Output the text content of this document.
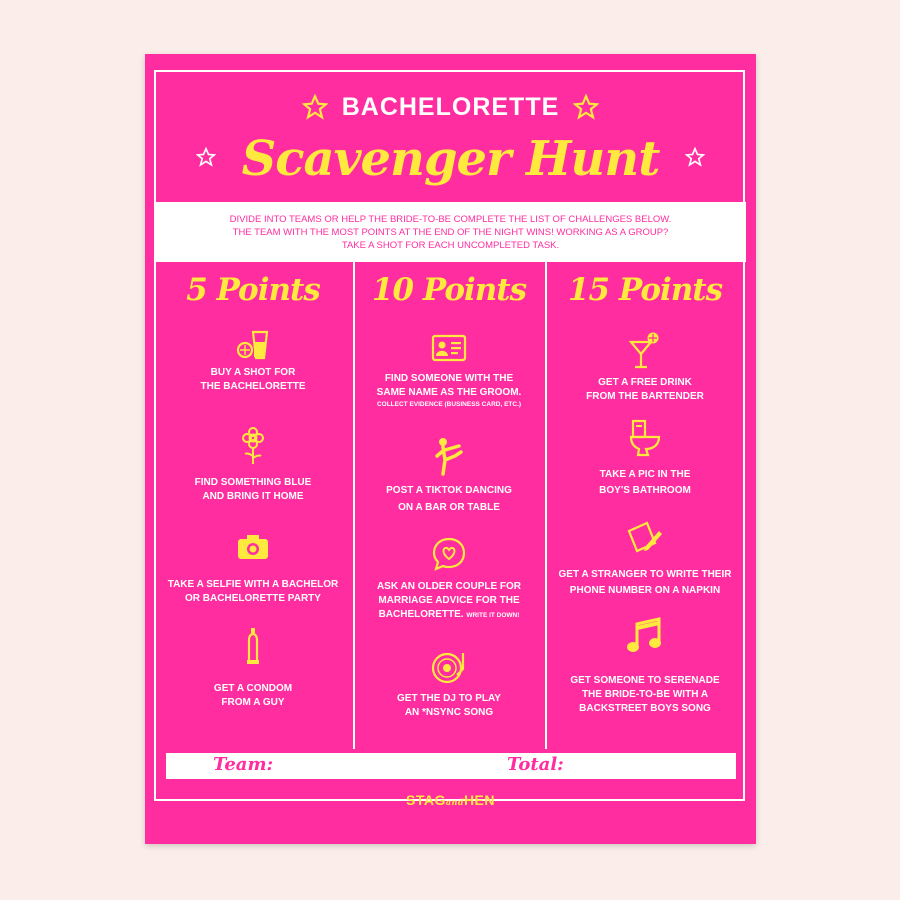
BACHELORETTE
Scavenger Hunt
DIVIDE INTO TEAMS OR HELP THE BRIDE-TO-BE COMPLETE THE LIST OF CHALLENGES BELOW.
THE TEAM WITH THE MOST POINTS AT THE END OF THE NIGHT WINS! WORKING AS A GROUP?
TAKE A SHOT FOR EACH UNCOMPLETED TASK.
5 Points
BUY A SHOT FOR
THE BACHELORETTE
FIND SOMETHING BLUE
AND BRING IT HOME
TAKE A SELFIE WITH A BACHELOR
OR BACHELORETTE PARTY
GET A CONDOM
FROM A GUY
10 Points
FIND SOMEONE WITH THE
SAME NAME AS THE GROOM.
COLLECT EVIDENCE (BUSINESS CARD, ETC.)
POST A TIKTOK DANCING
ON A BAR OR TABLE
ASK AN OLDER COUPLE FOR
MARRIAGE ADVICE FOR THE
BACHELORETTE. WRITE IT DOWN!
GET THE DJ TO PLAY
AN *NSYNC SONG
15 Points
GET A FREE DRINK
FROM THE BARTENDER
TAKE A PIC IN THE
BOY'S BATHROOM
GET A STRANGER TO WRITE THEIR
PHONE NUMBER ON A NAPKIN
GET SOMEONE TO SERENADE
THE BRIDE-TO-BE WITH A
BACKSTREET BOYS SONG
Team:	Total:
STAGandHEN
